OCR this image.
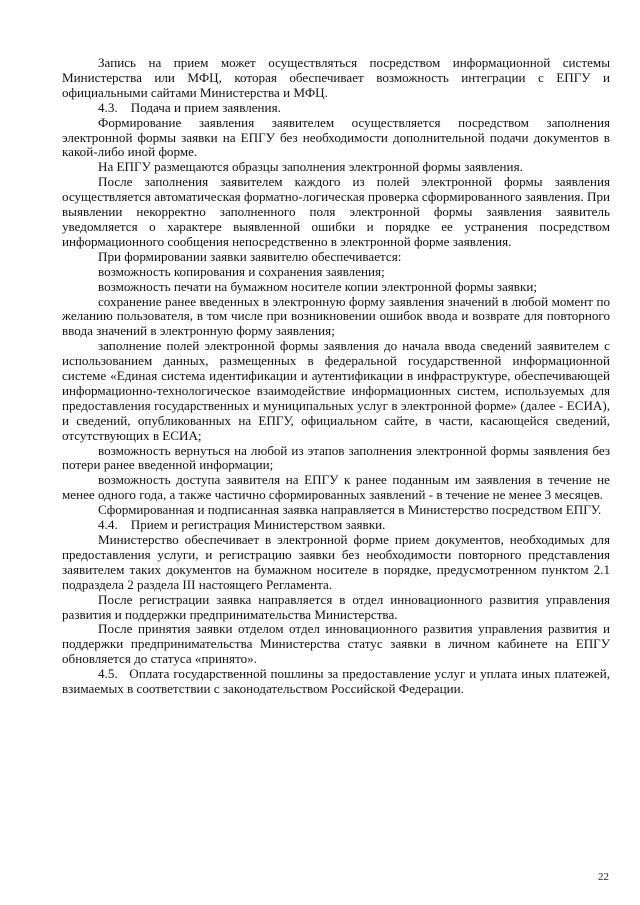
Запись на прием может осуществляться посредством информационной системы Министерства или МФЦ, которая обеспечивает возможность интеграции с ЕПГУ и официальными сайтами Министерства и МФЦ.

4.3.    Подача и прием заявления.

Формирование заявления заявителем осуществляется посредством заполнения электронной формы заявки на ЕПГУ без необходимости дополнительной подачи документов в какой-либо иной форме.

На ЕПГУ размещаются образцы заполнения электронной формы заявления.

После заполнения заявителем каждого из полей электронной формы заявления осуществляется автоматическая форматно-логическая проверка сформированного заявления. При выявлении некорректно заполненного поля электронной формы заявления заявитель уведомляется о характере выявленной ошибки и порядке ее устранения посредством информационного сообщения непосредственно в электронной форме заявления.

При формировании заявки заявителю обеспечивается:

возможность копирования и сохранения заявления;

возможность печати на бумажном носителе копии электронной формы заявки;

сохранение ранее введенных в электронную форму заявления значений в любой момент по желанию пользователя, в том числе при возникновении ошибок ввода и возврате для повторного ввода значений в электронную форму заявления;

заполнение полей электронной формы заявления до начала ввода сведений заявителем с использованием данных, размещенных в федеральной государственной информационной системе «Единая система идентификации и аутентификации в инфраструктуре, обеспечивающей информационно-технологическое взаимодействие информационных систем, используемых для предоставления государственных и муниципальных услуг в электронной форме» (далее - ЕСИА), и сведений, опубликованных на ЕПГУ, официальном сайте, в части, касающейся сведений, отсутствующих в ЕСИА;

возможность вернуться на любой из этапов заполнения электронной формы заявления без потери ранее введенной информации;

возможность доступа заявителя на ЕПГУ к ранее поданным им заявления в течение не менее одного года, а также частично сформированных заявлений - в течение не менее 3 месяцев.

Сформированная и подписанная заявка направляется в Министерство посредством ЕПГУ.

4.4.    Прием и регистрация Министерством заявки.

Министерство обеспечивает в электронной форме прием документов, необходимых для предоставления услуги, и регистрацию заявки без необходимости повторного представления заявителем таких документов на бумажном носителе в порядке, предусмотренном пунктом 2.1 подраздела 2 раздела III настоящего Регламента.

После регистрации заявка направляется в отдел инновационного развития управления развития и поддержки предпринимательства Министерства.

После принятия заявки отделом отдел инновационного развития управления развития и поддержки предпринимательства Министерства статус заявки в личном кабинете на ЕПГУ обновляется до статуса «принято».

4.5.   Оплата государственной пошлины за предоставление услуг и уплата иных платежей, взимаемых в соответствии с законодательством Российской Федерации.

22
